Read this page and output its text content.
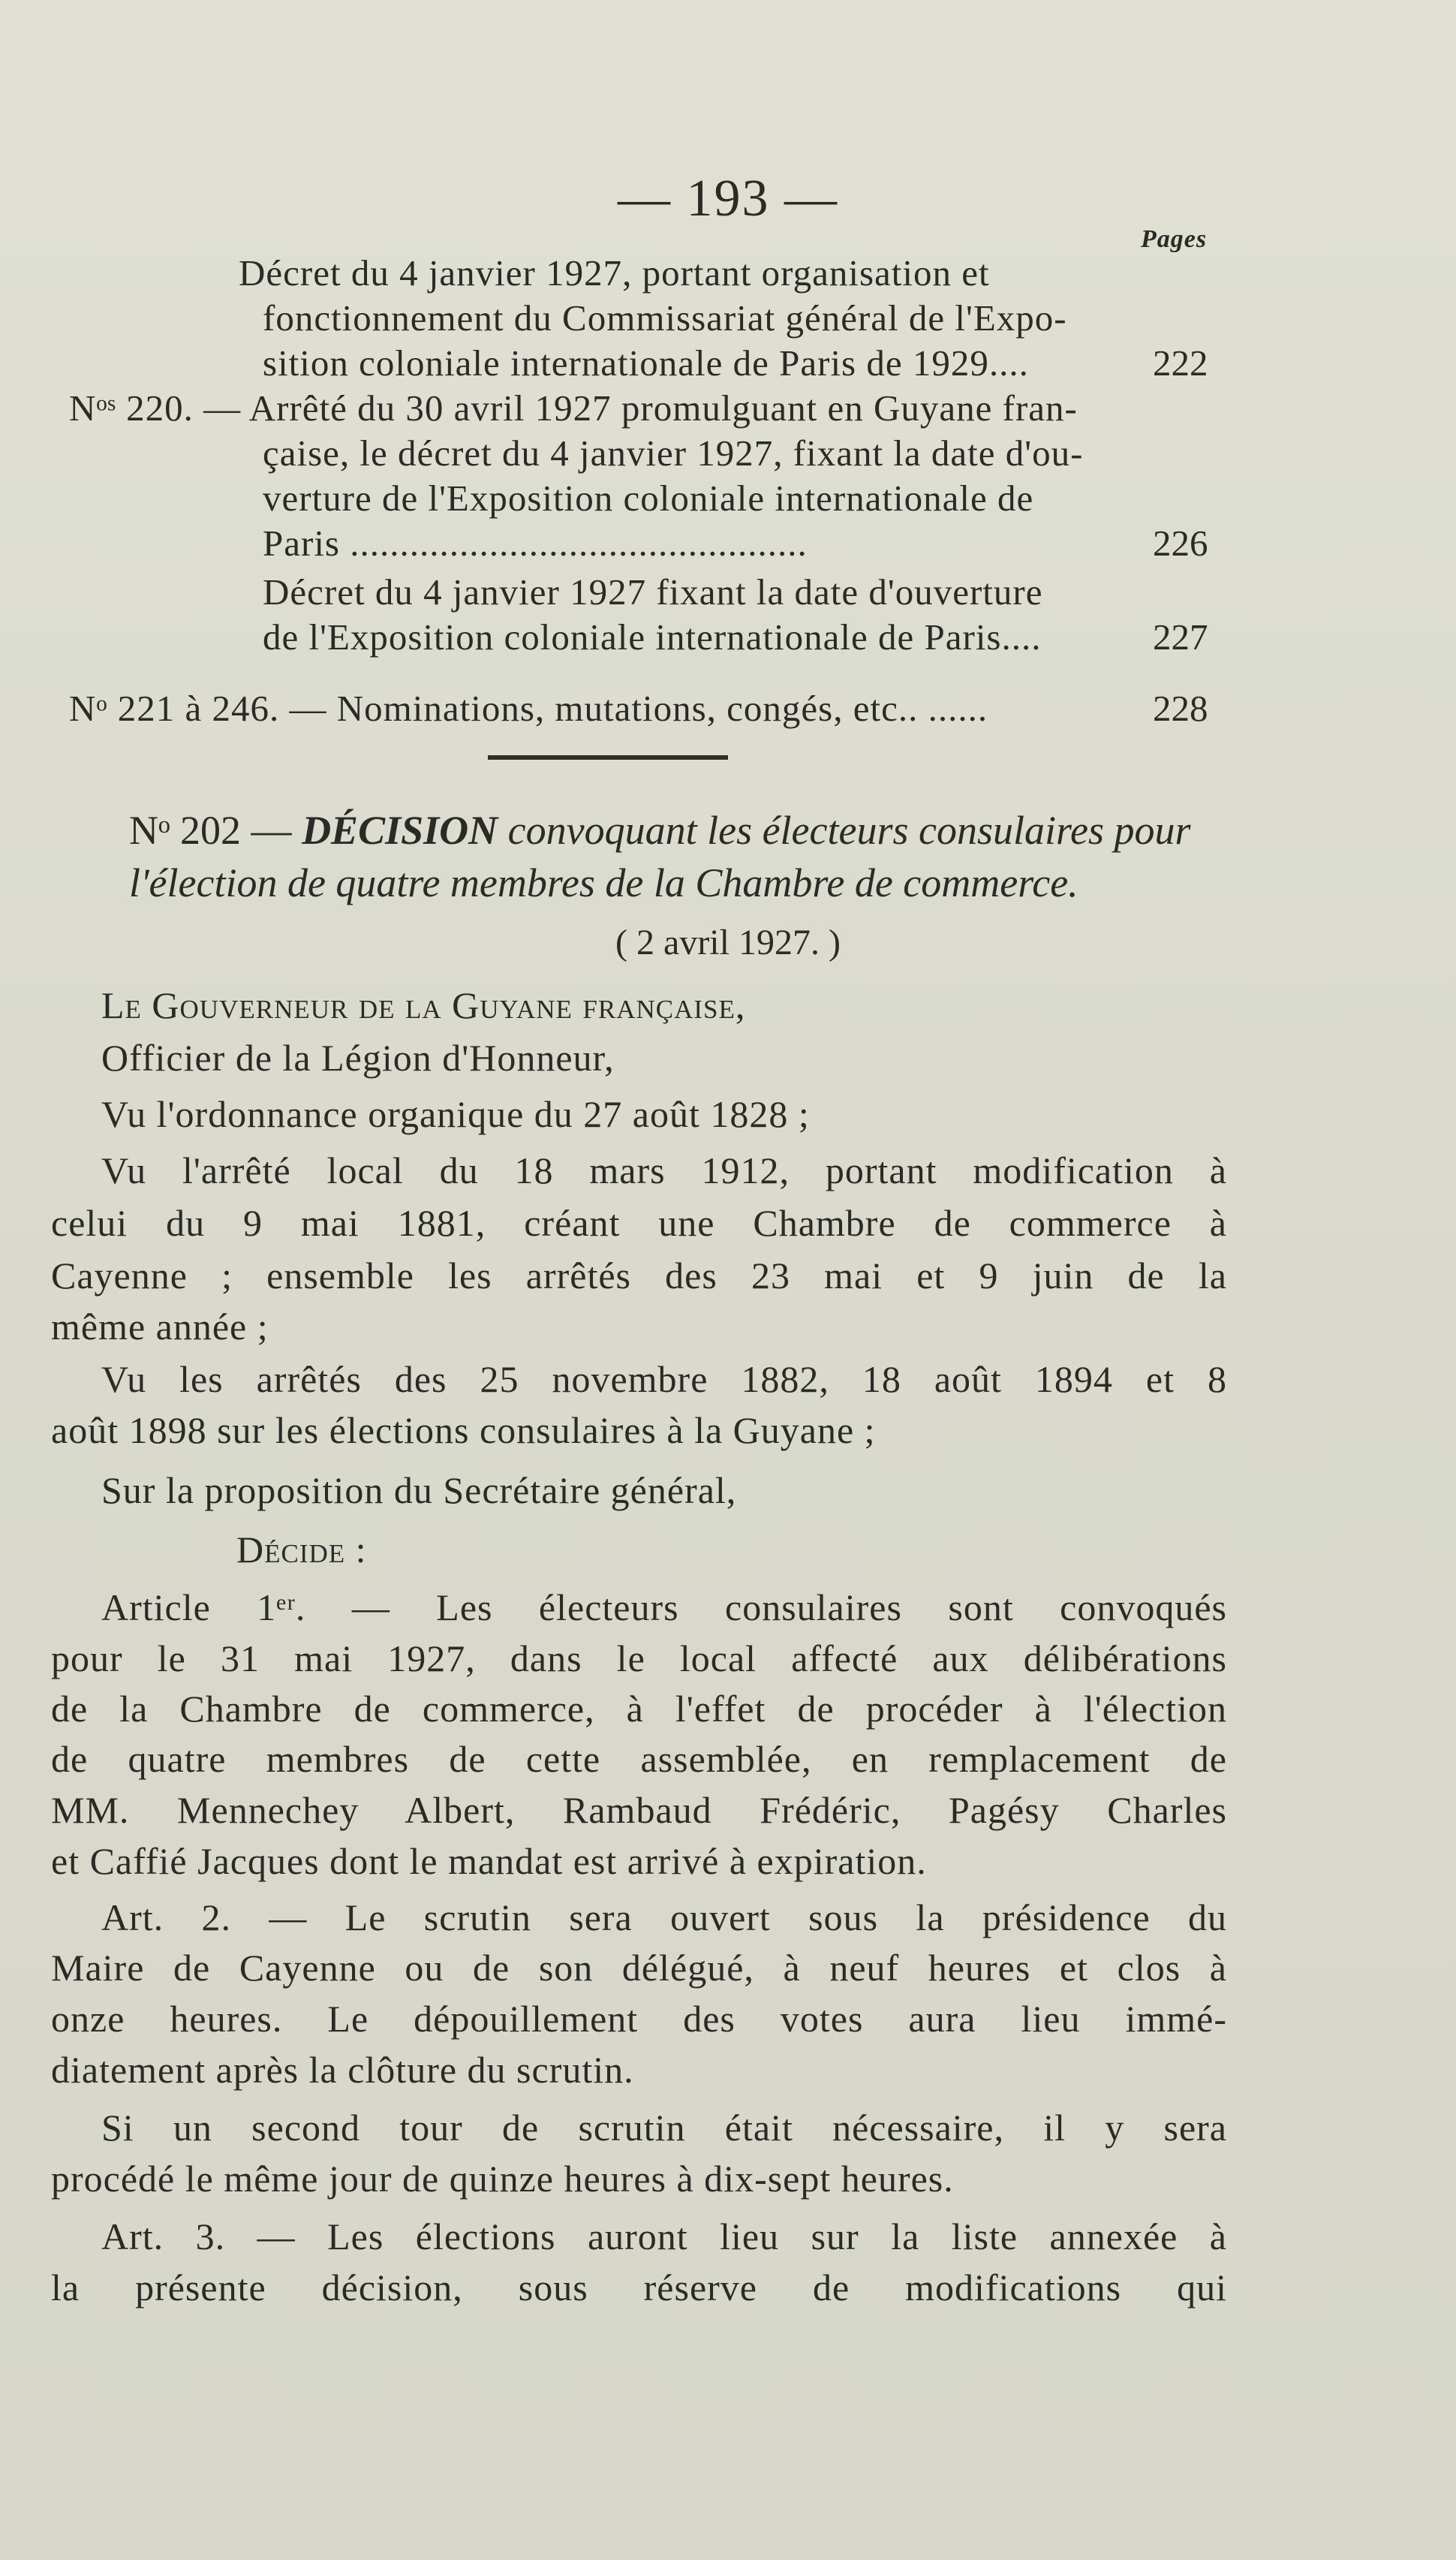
— 193 —
Pages
Décret du 4 janvier 1927, portant organisation et
fonctionnement du Commissariat général de l'Expo-
sition coloniale internationale de Paris de 1929....	222
Nᵒˢ 220. — Arrêté du 30 avril 1927 promulguant en Guyane fran-
çaise, le décret du 4 janvier 1927, fixant la date d'ou-
verture de l'Exposition coloniale internationale de
Paris ..............................................	226
Décret du 4 janvier 1927 fixant la date d'ouverture
de l'Exposition coloniale internationale de Paris....	227
Nᵒ 221 à 246. — Nominations, mutations, congés, etc.. ......	228
Nᵒ 202 — DÉCISION convoquant les électeurs consulaires pour
l'élection de quatre membres de la Chambre de commerce.
( 2 avril 1927. )
Le Gouverneur de la Guyane française,
Officier de la Légion d'Honneur,
Vu l'ordonnance organique du 27 août 1828 ;
Vu l'arrêté local du 18 mars 1912, portant modification à
celui du 9 mai 1881, créant une Chambre de commerce à
Cayenne ; ensemble les arrêtés des 23 mai et 9 juin de la
même année ;
Vu les arrêtés des 25 novembre 1882, 18 août 1894 et 8
août 1898 sur les élections consulaires à la Guyane ;
Sur la proposition du Secrétaire général,
Décide :
Article 1ᵉʳ. — Les électeurs consulaires sont convoqués
pour le 31 mai 1927, dans le local affecté aux délibérations
de la Chambre de commerce, à l'effet de procéder à l'élection
de quatre membres de cette assemblée, en remplacement de
MM. Mennechey Albert, Rambaud Frédéric, Pagésy Charles
et Caffié Jacques dont le mandat est arrivé à expiration.
Art. 2. — Le scrutin sera ouvert sous la présidence du
Maire de Cayenne ou de son délégué, à neuf heures et clos à
onze heures. Le dépouillement des votes aura lieu immé-
diatement après la clôture du scrutin.
Si un second tour de scrutin était nécessaire, il y sera
procédé le même jour de quinze heures à dix-sept heures.
Art. 3. — Les élections auront lieu sur la liste annexée à
la présente décision, sous réserve de modifications qui
